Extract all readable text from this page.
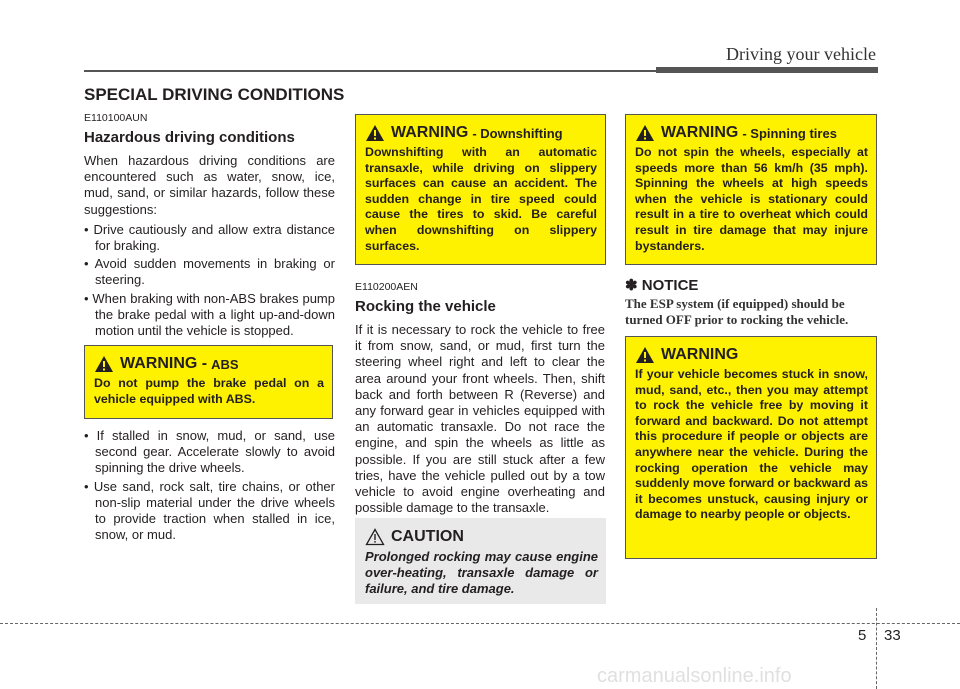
Driving your vehicle
SPECIAL DRIVING CONDITIONS
E110100AUN
Hazardous driving conditions

When hazardous driving conditions are encountered such as water, snow, ice, mud, sand, or similar hazards, follow these suggestions:

• Drive cautiously and allow extra distance for braking.
• Avoid sudden movements in braking or steering.
• When braking with non-ABS brakes pump the brake pedal with a light up-and-down motion until the vehicle is stopped.
WARNING - ABS
Do not pump the brake pedal on a vehicle equipped with ABS.
• If stalled in snow, mud, or sand, use second gear. Accelerate slowly to avoid spinning the drive wheels.
• Use sand, rock salt, tire chains, or other non-slip material under the drive wheels to provide traction when stalled in ice, snow, or mud.
WARNING - Downshifting
Downshifting with an automatic transaxle, while driving on slippery surfaces can cause an accident. The sudden change in tire speed could cause the tires to skid. Be careful when downshifting on slippery surfaces.
E110200AEN
Rocking the vehicle

If it is necessary to rock the vehicle to free it from snow, sand, or mud, first turn the steering wheel right and left to clear the area around your front wheels. Then, shift back and forth between R (Reverse) and any forward gear in vehicles equipped with an automatic transaxle. Do not race the engine, and spin the wheels as little as possible. If you are still stuck after a few tries, have the vehicle pulled out by a tow vehicle to avoid engine overheating and possible damage to the transaxle.

CAUTION
Prolonged rocking may cause engine over-heating, transaxle damage or failure, and tire damage.
WARNING - Spinning tires
Do not spin the wheels, especially at speeds more than 56 km/h (35 mph). Spinning the wheels at high speeds when the vehicle is stationary could result in a tire to overheat which could result in tire damage that may injure bystanders.
✽ NOTICE
The ESP system (if equipped) should be turned OFF prior to rocking the vehicle.
WARNING
If your vehicle becomes stuck in snow, mud, sand, etc., then you may attempt to rock the vehicle free by moving it forward and backward. Do not attempt this procedure if people or objects are anywhere near the vehicle. During the rocking operation the vehicle may suddenly move forward or backward as it becomes unstuck, causing injury or damage to nearby people or objects.
5 33
carmanualsonline.info
